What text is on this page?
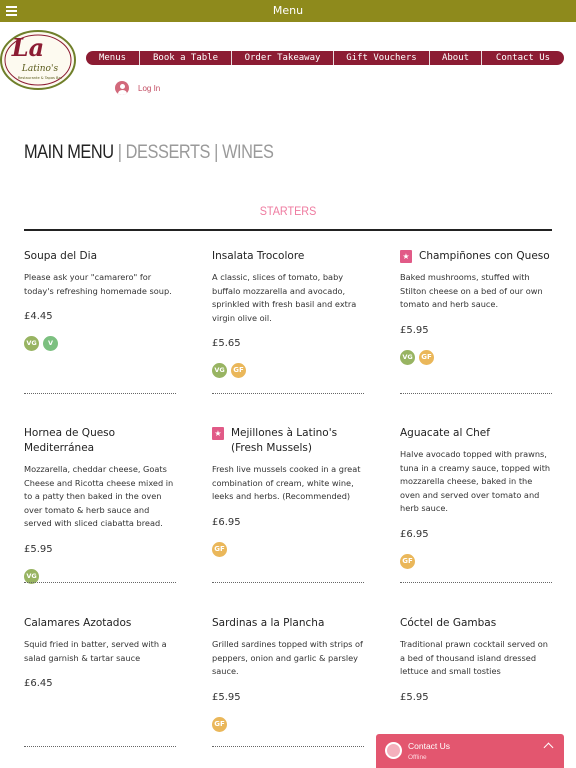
Menu
La
Latino's
Restaurante & Tapas Bar
Menus	Book a Table	Order Takeaway	Gift Vouchers	About	Contact Us
Log In
MAIN MENU | DESSERTS | WINES
STARTERS
Soupa del Dia
Please ask your "camarero" for today's refreshing homemade soup.
£4.45
VG	V
Insalata Trocolore
A classic, slices of tomato, baby buffalo mozzarella and avocado, sprinkled with fresh basil and extra virgin olive oil.
£5.65
VG	GF
★ Champiñones con Queso
Baked mushrooms, stuffed with Stilton cheese on a bed of our own tomato and herb sauce.
£5.95
VG	GF
Hornea de Queso Mediterránea
Mozzarella, cheddar cheese, Goats Cheese and Ricotta cheese mixed in to a patty then baked in the oven over tomato & herb sauce and served with sliced ciabatta bread.
£5.95
VG
★ Mejillones à Latino's (Fresh Mussels)
Fresh live mussels cooked in a great combination of cream, white wine, leeks and herbs. (Recommended)
£6.95
GF
Aguacate al Chef
Halve avocado topped with prawns, tuna in a creamy sauce, topped with mozzarella cheese, baked in the oven and served over tomato and herb sauce.
£6.95
GF
Calamares Azotados
Squid fried in batter, served with a salad garnish & tartar sauce
£6.45
Sardinas a la Plancha
Grilled sardines topped with strips of peppers, onion and garlic & parsley sauce.
£5.95
GF
Cóctel de Gambas
Traditional prawn cocktail served on a bed of thousand island dressed lettuce and small tosties
£5.95
Contact Us
Offline
